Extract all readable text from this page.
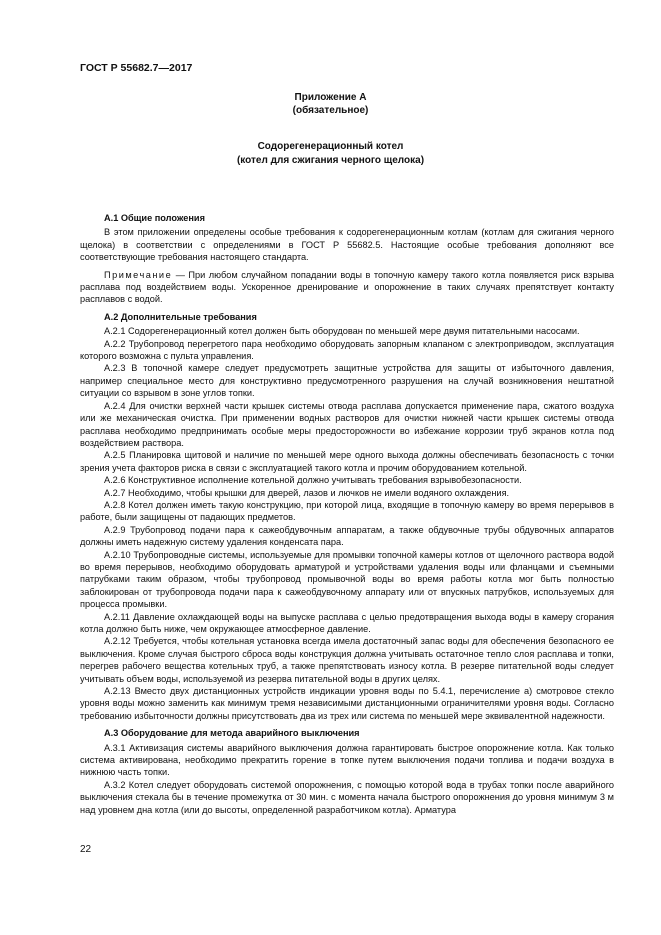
ГОСТ Р 55682.7—2017
Приложение А
(обязательное)
Содорегенерационный котел
(котел для сжигания черного щелока)
А.1 Общие положения

В этом приложении определены особые требования к содорегенерационным котлам (котлам для сжигания черного щелока) в соответствии с определениями в ГОСТ Р 55682.5. Настоящие особые требования дополняют все соответствующие требования настоящего стандарта.

Примечание — При любом случайном попадании воды в топочную камеру такого котла появляется риск взрыва расплава под воздействием воды. Ускоренное дренирование и опорожнение в таких случаях препятствует контакту расплавов с водой.

А.2 Дополнительные требования

А.2.1 Содорегенерационный котел должен быть оборудован по меньшей мере двумя питательными насосами.

А.2.2 Трубопровод перегретого пара необходимо оборудовать запорным клапаном с электроприводом, эксплуатация которого возможна с пульта управления.

А.2.3 В топочной камере следует предусмотреть защитные устройства для защиты от избыточного давления, например специальное место для конструктивно предусмотренного разрушения на случай возникновения нештатной ситуации со взрывом в зоне углов топки.

А.2.4 Для очистки верхней части крышек системы отвода расплава допускается применение пара, сжатого воздуха или же механическая очистка. При применении водных растворов для очистки нижней части крышек системы отвода расплава необходимо предпринимать особые меры предосторожности во избежание коррозии труб экранов котла под воздействием раствора.

А.2.5 Планировка щитовой и наличие по меньшей мере одного выхода должны обеспечивать безопасность с точки зрения учета факторов риска в связи с эксплуатацией такого котла и прочим оборудованием котельной.

А.2.6 Конструктивное исполнение котельной должно учитывать требования взрывобезопасности.

А.2.7 Необходимо, чтобы крышки для дверей, лазов и лючков не имели водяного охлаждения.

А.2.8 Котел должен иметь такую конструкцию, при которой лица, входящие в топочную камеру во время перерывов в работе, были защищены от падающих предметов.

А.2.9 Трубопровод подачи пара к сажеобдувочным аппаратам, а также обдувочные трубы обдувочных аппаратов должны иметь надежную систему удаления конденсата пара.

А.2.10 Трубопроводные системы, используемые для промывки топочной камеры котлов от щелочного раствора водой во время перерывов, необходимо оборудовать арматурой и устройствами удаления воды или фланцами и съемными патрубками таким образом, чтобы трубопровод промывочной воды во время работы котла мог быть полностью заблокирован от трубопровода подачи пара к сажеобдувочному аппарату или от впускных патрубков, используемых для процесса промывки.

А.2.11 Давление охлаждающей воды на выпуске расплава с целью предотвращения выхода воды в камеру сгорания котла должно быть ниже, чем окружающее атмосферное давление.

А.2.12 Требуется, чтобы котельная установка всегда имела достаточный запас воды для обеспечения безопасного ее выключения. Кроме случая быстрого сброса воды конструкция должна учитывать остаточное тепло слоя расплава и топки, перегрев рабочего вещества котельных труб, а также препятствовать износу котла. В резерве питательной воды следует учитывать объем воды, используемой из резерва питательной воды в других целях.

А.2.13 Вместо двух дистанционных устройств индикации уровня воды по 5.4.1, перечисление а) смотровое стекло уровня воды можно заменить как минимум тремя независимыми дистанционными ограничителями уровня воды. Согласно требованию избыточности должны присутствовать два из трех или система по меньшей мере эквивалентной надежности.

А.3 Оборудование для метода аварийного выключения

А.3.1 Активизация системы аварийного выключения должна гарантировать быстрое опорожнение котла. Как только система активирована, необходимо прекратить горение в топке путем выключения подачи топлива и подачи воздуха в нижнюю часть топки.

А.3.2 Котел следует оборудовать системой опорожнения, с помощью которой вода в трубах топки после аварийного выключения стекала бы в течение промежутка от 30 мин. с момента начала быстрого опорожнения до уровня минимум 3 м над уровнем дна котла (или до высоты, определенной разработчиком котла). Арматура

22
